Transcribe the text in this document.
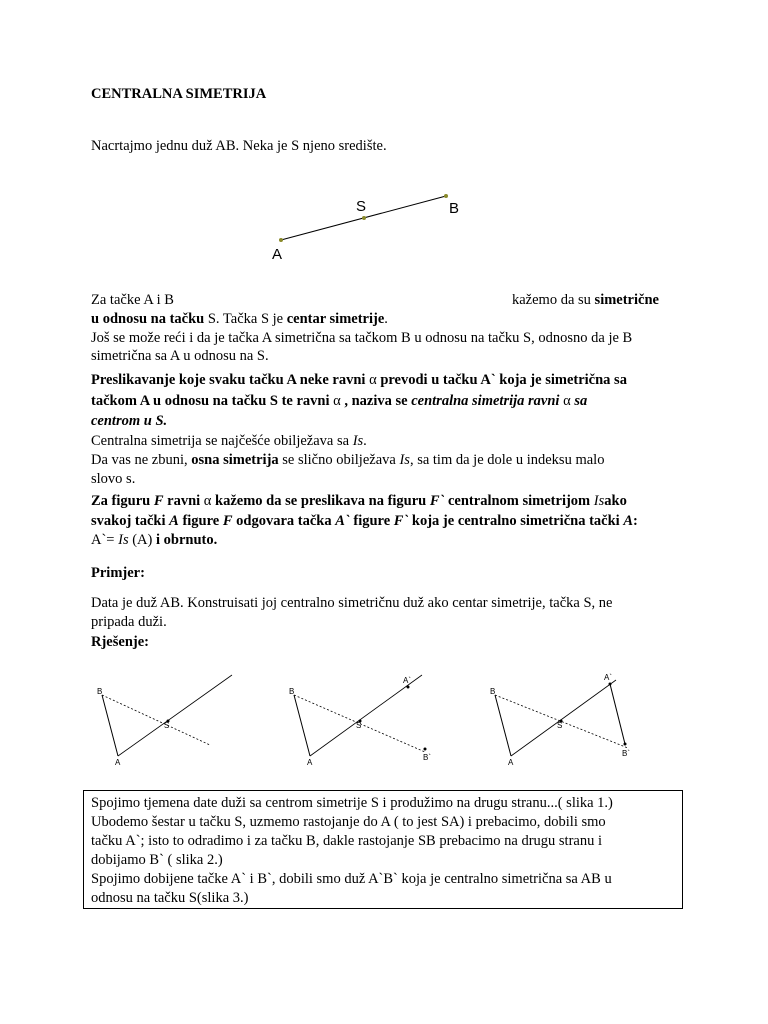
CENTRALNA SIMETRIJA
Nacrtajmo jednu duž AB. Neka je S njeno središte.
A
S	B
Za tačke A i B	kažemo da su simetrične
u odnosu na tačku S. Tačka S je centar simetrije.
Još se može reći i da je tačka A simetrična sa tačkom B u odnosu na tačku S, odnosno da je B
simetrična sa A u odnosu na S.
Preslikavanje koje svaku tačku A neke ravni α prevodi u tačku A` koja je simetrična sa
tačkom A u odnosu na tačku S te ravni α , naziva se centralna simetrija ravni α sa
centrom u S.
Centralna simetrija se najčešće obilježava sa Is.
Da vas ne zbuni, osna simetrija se slično obilježava Is, sa tim da je dole u indeksu malo
slovo s.
Za figuru F ravni α kažemo da se preslikava na figuru F` centralnom simetrijom Isako
svakoj tački A figure F odgovara tačka A` figure F` koja je centralno simetrična tački A:
A`= Is (A) i obrnuto.
Primjer:
Data je duž AB. Konstruisati joj centralno simetričnu duž ako centar simetrije, tačka S, ne
pripada duži.
Rješenje:
B
A
S
B
A
S
A`
B`
B
A
S
A`
B`
Spojimo tjemena date duži sa centrom simetrije S i produžimo na drugu stranu...( slika 1.)
Ubodemo šestar u tačku S, uzmemo rastojanje do A ( to jest SA) i prebacimo, dobili smo
tačku A`; isto to odradimo i za tačku B, dakle rastojanje SB prebacimo na drugu stranu i
dobijamo B` ( slika 2.)
Spojimo dobijene tačke A` i B`, dobili smo duž A`B` koja je centralno simetrična sa AB u
odnosu na tačku S(slika 3.)
